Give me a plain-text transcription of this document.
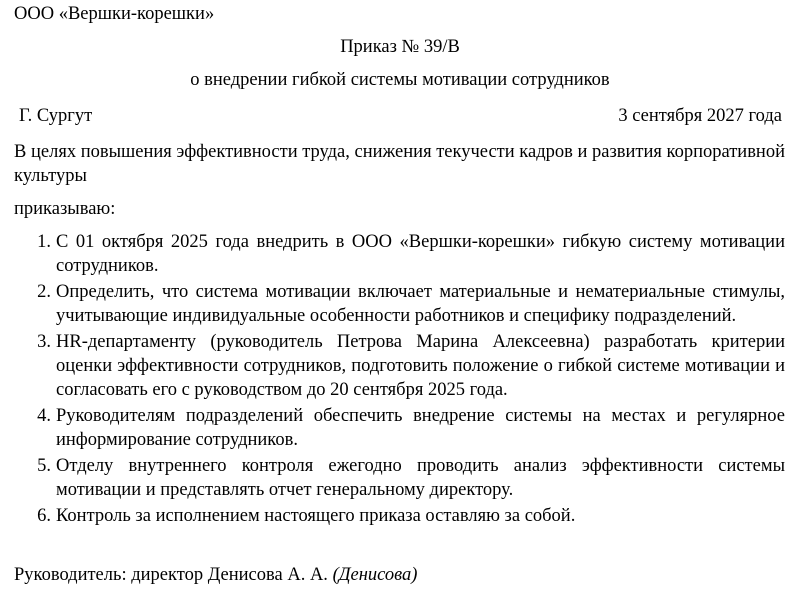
ООО «Вершки-корешки»
Приказ № 39/В
о внедрении гибкой системы мотивации сотрудников
Г. Сургут	3 сентября 2027 года
В целях повышения эффективности труда, снижения текучести кадров и развития корпоративной культуры
приказываю:
1. С 01 октября 2025 года внедрить в ООО «Вершки-корешки» гибкую систему мотивации сотрудников.
2. Определить, что система мотивации включает материальные и нематериальные стимулы, учитывающие индивидуальные особенности работников и специфику подразделений.
3. HR-департаменту (руководитель Петрова Марина Алексеевна) разработать критерии оценки эффективности сотрудников, подготовить положение о гибкой системе мотивации и согласовать его с руководством до 20 сентября 2025 года.
4. Руководителям подразделений обеспечить внедрение системы на местах и регулярное информирование сотрудников.
5. Отделу внутреннего контроля ежегодно проводить анализ эффективности системы мотивации и представлять отчет генеральному директору.
6. Контроль за исполнением настоящего приказа оставляю за собой.
Руководитель: директор Денисова А. А. (Денисова)
